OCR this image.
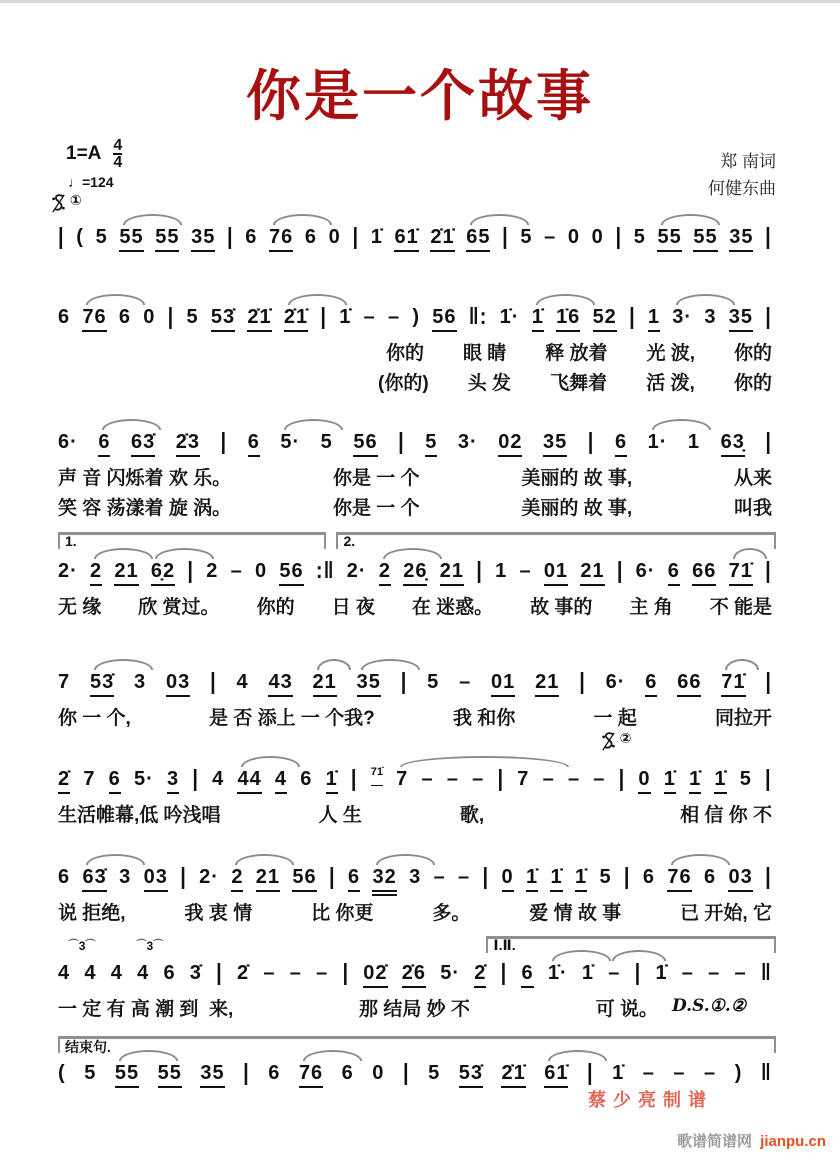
你是一个故事
$1=A \frac{4}{4}$
♩=124
郑 南词
何健东曲
| ( 5 55 55 35 | 6 76 6 0 | 1̇ 61̇ 2̇1̇ 65 | 5 – 0 0 | 5 55 55 35 |
①
6 76 6 0 | 5 53̇ 2̇1̇ 2̇1̇ | 1̇ – – ) 56 ‖: 1̇· 1̇ 1̇6 52 | 1 3· 3 35 |
你的 眼 睛 释 放着 光 波, 你的
(你的) 头 发 飞舞着 活 泼, 你的
6· 6 63̇ 2̇3 | 6 5· 5 56 | 5 3· 02 35 | 6 1· 1 63̣ |
声 音 闪烁着 欢 乐。	你是 一 个	美丽的 故 事,	从来
笑 容 荡漾着 旋 涡。	你是 一 个	美丽的 故 事,	叫我
2· 2 21 6̣2 | 2 – 0 56 :‖ 2· 2 26̣ 21 | 1 – 01 21 | 6· 6 66 71̇ |
无 缘 欣 赏过。 你的 日 夜 在 迷惑。 故 事的 主 角 不 能是
1.	2.
7 53̇ 3 03 | 4 43 21 35 | 5 – 01 21 | 6· 6 66 71̇ |
你 一 个,	是 否 添上 一 个我?	我 和你	一 起	同拉开
2̇ 7 6 5· 3 | 4 44 4 6 1̇ | 71̇ 7 – – – | 7 – – – | 0 1̇ 1̇ 1̇ 5 |
生活帷幕,低 吟浅唱	人 生	歌,	相 信 你 不
②
6 63̇ 3 03 | 2· 2 21 56 | 6 32 3 – – | 0 1̇ 1̇ 1̇ 5 | 6 76 6 03 |
说 拒绝,	我 衷 情	比 你更	多。	爱 情 故 事	已 开始, 它
4 4 4 4 6 3̇ | 2̇ – – – | 02̇ 2̇6 5· 2̇ | 6 1̇· 1̇ – | 1̇ – – – ‖
一 定 有 高 潮 到  来,	那 结局 妙 不	可 说。
⌒ 3 ⌒	⌒ 3 ⌒	Ⅰ.Ⅱ.
D.S.①.②
( 5 55 55 35 | 6 76 6 0 | 5 53̇ 2̇1̇ 61̇ | 1̇ – – – ) ‖
结束句.
蔡少亮制谱
歌谱简谱网 jianpu.cn
